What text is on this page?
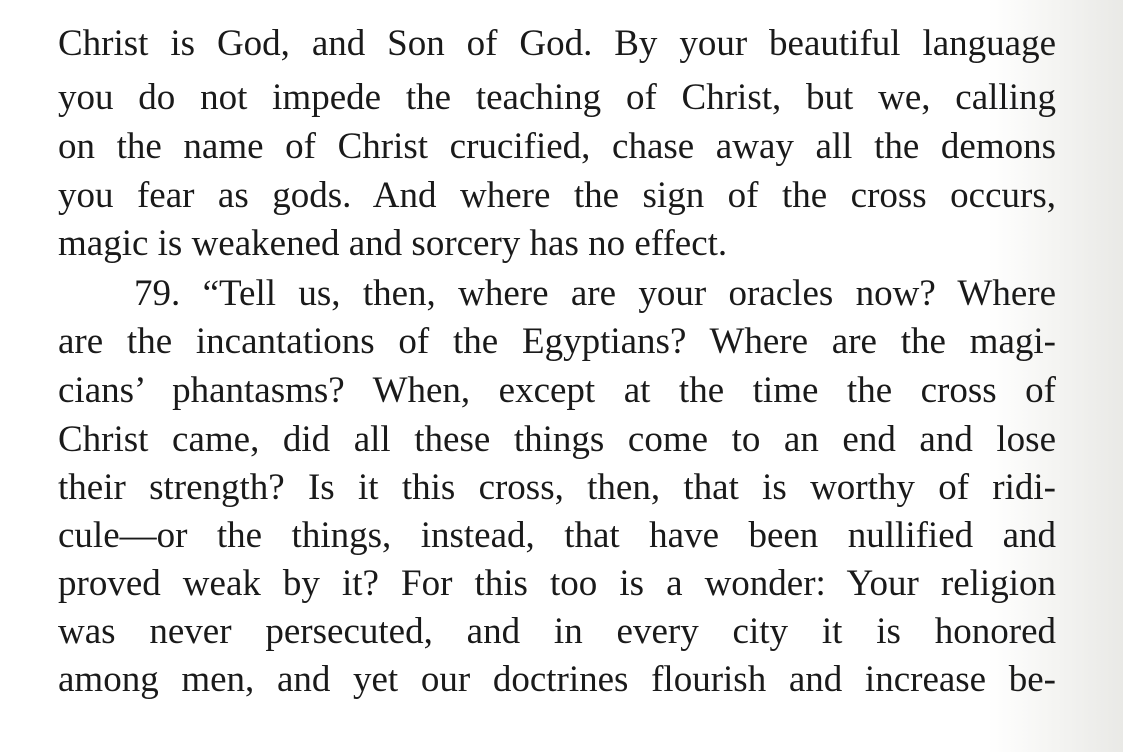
Christ is God, and Son of God. By your beautiful language
you do not impede the teaching of Christ, but we, calling
on the name of Christ crucified, chase away all the demons
you fear as gods. And where the sign of the cross occurs,
magic is weakened and sorcery has no effect.
79. “Tell us, then, where are your oracles now? Where
are the incantations of the Egyptians? Where are the magi-
cians’ phantasms? When, except at the time the cross of
Christ came, did all these things come to an end and lose
their strength? Is it this cross, then, that is worthy of ridi-
cule—or the things, instead, that have been nullified and
proved weak by it? For this too is a wonder: Your religion
was never persecuted, and in every city it is honored
among men, and yet our doctrines flourish and increase be-
